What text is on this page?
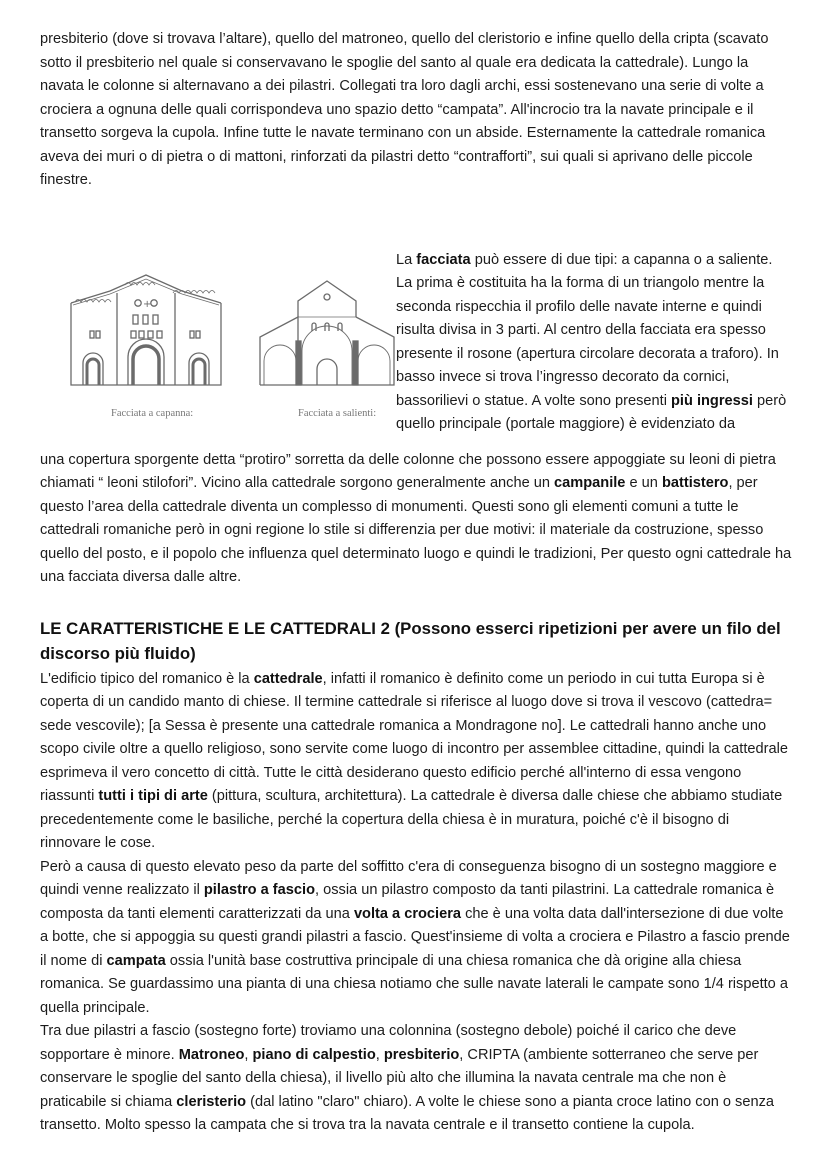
presbiterio (dove si trovava l’altare), quello del matroneo, quello del cleristorio e infine quello della cripta (scavato sotto il presbiterio nel quale si conservavano le spoglie del santo al quale era dedicata la cattedrale). Lungo la navata le colonne si alternavano a dei pilastri. Collegati tra loro dagli archi, essi sostenevano una serie di volte a crociera a ognuna delle quali corrispondeva uno spazio detto “campata”. All'incrocio tra la navate principale e il transetto sorgeva la cupola. Infine tutte le navate terminano con un abside. Esternamente la cattedrale romanica aveva dei muri o di pietra o di mattoni, rinforzati da pilastri detto “contrafforti”, sui quali si aprivano delle piccole finestre.

+
Facciata a capanna:	Facciata a salienti:

La facciata può essere di due tipi: a capanna o a saliente. La prima è costituita ha la forma di un triangolo mentre la seconda rispecchia il profilo delle navate interne e quindi risulta divisa in 3 parti. Al centro della facciata era spesso presente il rosone (apertura circolare decorata a traforo). In basso invece si trova l’ingresso decorato da cornici, bassorilievi o statue. A volte sono presenti più ingressi però quello principale (portale maggiore) è evidenziato da

una copertura sporgente detta “protiro” sorretta da delle colonne che possono essere appoggiate su leoni di pietra chiamati “ leoni stilofori”. Vicino alla cattedrale sorgono generalmente anche un campanile e un battistero, per questo l’area della cattedrale diventa un complesso di monumenti. Questi sono gli elementi comuni a tutte le cattedrali romaniche però in ogni regione lo stile si differenzia per due motivi: il materiale da costruzione, spesso quello del posto, e il popolo che influenza quel determinato luogo e quindi le tradizioni, Per questo ogni cattedrale ha una facciata diversa dalle altre.

LE CARATTERISTICHE E LE CATTEDRALI 2 (Possono esserci ripetizioni per avere un filo del discorso più fluido)

L'edificio tipico del romanico è la cattedrale, infatti il romanico è definito come un periodo in cui tutta Europa si è coperta di un candido manto di chiese. Il termine cattedrale si riferisce al luogo dove si trova il vescovo (cattedra= sede vescovile); [a Sessa è presente una cattedrale romanica a Mondragone no]. Le cattedrali hanno anche uno scopo civile oltre a quello religioso, sono servite come luogo di incontro per assemblee cittadine, quindi la cattedrale esprimeva il vero concetto di città. Tutte le città desiderano questo edificio perché all'interno di essa vengono riassunti tutti i tipi di arte (pittura, scultura, architettura). La cattedrale è diversa dalle chiese che abbiamo studiate precedentemente come le basiliche, perché la copertura della chiesa è in muratura, poiché c'è il bisogno di rinnovare le cose.

Però a causa di questo elevato peso da parte del soffitto c'era di conseguenza bisogno di un sostegno maggiore e quindi venne realizzato il pilastro a fascio, ossia un pilastro composto da tanti pilastrini. La cattedrale romanica è composta da tanti elementi caratterizzati da una volta a crociera che è una volta data dall'intersezione di due volte a botte, che si appoggia su questi grandi pilastri a fascio. Quest'insieme di volta a crociera e Pilastro a fascio prende il nome di campata ossia l'unità base costruttiva principale di una chiesa romanica che dà origine alla chiesa romanica. Se guardassimo una pianta di una chiesa notiamo che sulle navate laterali le campate sono 1/4 rispetto a quella principale.

Tra due pilastri a fascio (sostegno forte) troviamo una colonnina (sostegno debole) poiché il carico che deve sopportare è minore. Matroneo, piano di calpestio, presbiterio, CRIPTA (ambiente sotterraneo che serve per conservare le spoglie del santo della chiesa), il livello più alto che illumina la navata centrale ma che non è praticabile si chiama cleristerio (dal latino "claro" chiaro). A volte le chiese sono a pianta croce latino con o senza transetto. Molto spesso la campata che si trova tra la navata centrale e il transetto contiene la cupola.
